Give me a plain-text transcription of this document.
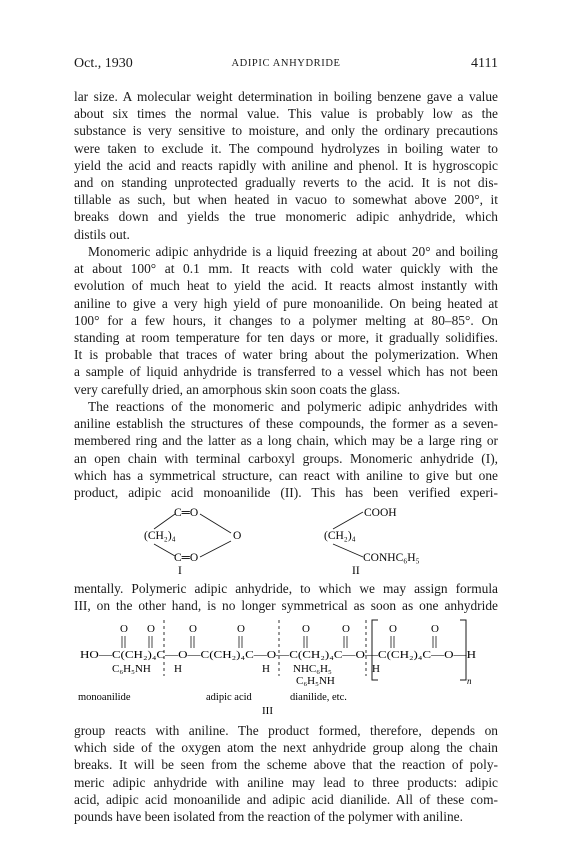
Oct., 1930	ADIPIC ANHYDRIDE	4111

lar size. A molecular weight determination in boiling benzene gave a value
about six times the normal value. This value is probably low as the
substance is very sensitive to moisture, and only the ordinary precautions
were taken to exclude it. The compound hydrolyzes in boiling water to
yield the acid and reacts rapidly with aniline and phenol. It is hygroscopic
and on standing unprotected gradually reverts to the acid. It is not dis-
tillable as such, but when heated in vacuo to somewhat above 200°, it
breaks down and yields the true monomeric adipic anhydride, which
distils out.

Monomeric adipic anhydride is a liquid freezing at about 20° and boiling
at about 100° at 0.1 mm. It reacts with cold water quickly with the
evolution of much heat to yield the acid. It reacts almost instantly with
aniline to give a very high yield of pure monoanilide. On being heated at
100° for a few hours, it changes to a polymer melting at 80–85°. On
standing at room temperature for ten days or more, it gradually solidifies.
It is probable that traces of water bring about the polymerization. When
a sample of liquid anhydride is transferred to a vessel which has not been
very carefully dried, an amorphous skin soon coats the glass.

The reactions of the monomeric and polymeric adipic anhydrides with
aniline establish the structures of these compounds, the former as a seven-
membered ring and the latter as a long chain, which may be a large ring or
an open chain with terminal carboxyl groups. Monomeric anhydride (I),
which has a symmetrical structure, can react with aniline to give but one
product, adipic acid monoanilide (II). This has been verified experi-

C═O
(CH₂)₄	O
C═O
I
COOH
(CH₂)₄
CONHC₆H₅
II

mentally. Polymeric adipic anhydride, to which we may assign formula
III, on the other hand, is no longer symmetrical as soon as one anhydride

O O	O	O	O	O	O	O
HO—C(CH₂)₄C—O—C(CH₂)₄C—O—C(CH₂)₄C—O—C(CH₂)₄C—O—H
n
C₆H₅NH H	H NHC₆H₅
C₆H₅NH
H
monoanilide	adipic acid	dianilide, etc.
III

group reacts with aniline. The product formed, therefore, depends on
which side of the oxygen atom the next anhydride group along the chain
breaks. It will be seen from the scheme above that the reaction of poly-
meric adipic anhydride with aniline may lead to three products: adipic
acid, adipic acid monoanilide and adipic acid dianilide. All of these com-
pounds have been isolated from the reaction of the polymer with aniline.
